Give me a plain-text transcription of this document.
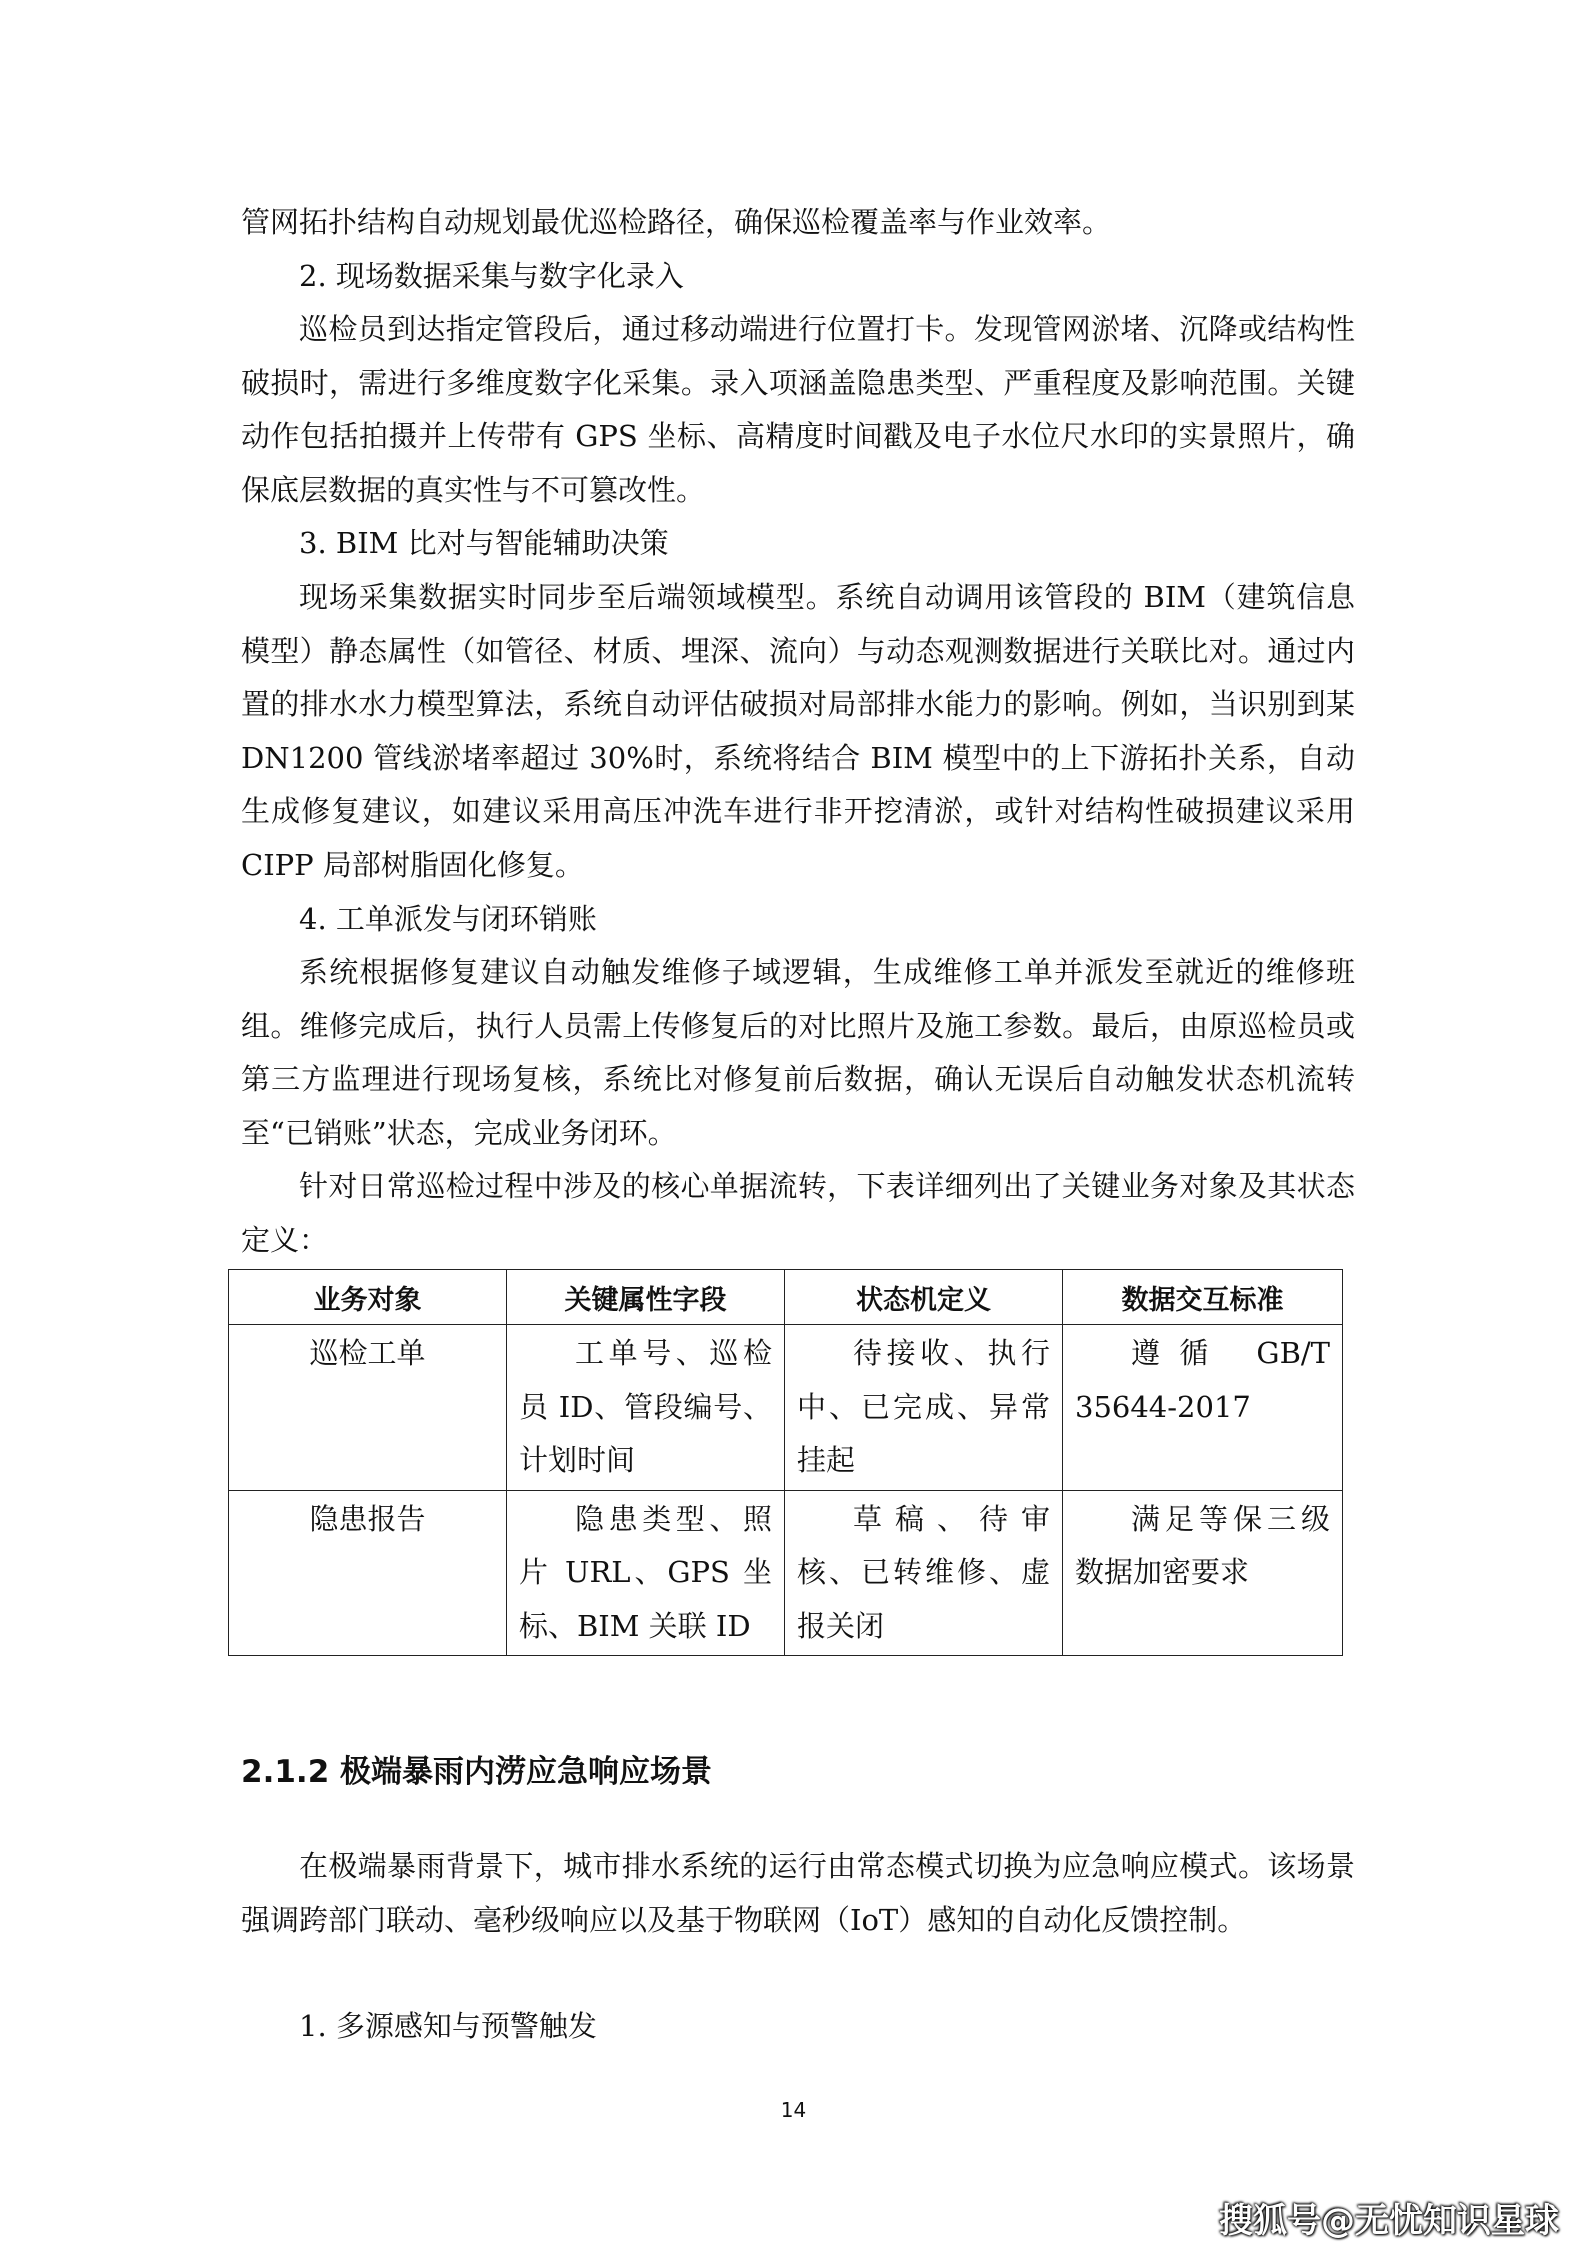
管网拓扑结构自动规划最优巡检路径，确保巡检覆盖率与作业效率。

2. 现场数据采集与数字化录入

巡检员到达指定管段后，通过移动端进行位置打卡。发现管网淤堵、沉降或结构性破损时，需进行多维度数字化采集。录入项涵盖隐患类型、严重程度及影响范围。关键动作包括拍摄并上传带有 GPS 坐标、高精度时间戳及电子水位尺水印的实景照片，确保底层数据的真实性与不可篡改性。

3. BIM 比对与智能辅助决策

现场采集数据实时同步至后端领域模型。系统自动调用该管段的 BIM（建筑信息模型）静态属性（如管径、材质、埋深、流向）与动态观测数据进行关联比对。通过内置的排水水力模型算法，系统自动评估破损对局部排水能力的影响。例如，当识别到某 DN1200 管线淤堵率超过 30%时，系统将结合 BIM 模型中的上下游拓扑关系，自动生成修复建议，如建议采用高压冲洗车进行非开挖清淤，或针对结构性破损建议采用 CIPP 局部树脂固化修复。

4. 工单派发与闭环销账

系统根据修复建议自动触发维修子域逻辑，生成维修工单并派发至就近的维修班组。维修完成后，执行人员需上传修复后的对比照片及施工参数。最后，由原巡检员或第三方监理进行现场复核，系统比对修复前后数据，确认无误后自动触发状态机流转至“已销账”状态，完成业务闭环。

针对日常巡检过程中涉及的核心单据流转，下表详细列出了关键业务对象及其状态定义：

业务对象	关键属性字段	状态机定义	数据交互标准
巡检工单	工单号、巡检员 ID、管段编号、计划时间	待接收、执行中、已完成、异常挂起	遵循 GB/T 35644-2017
隐患报告	隐患类型、照片 URL、GPS 坐标、BIM 关联 ID	草稿、待审核、已转维修、虚报关闭	满足等保三级数据加密要求
2.1.2 极端暴雨内涝应急响应场景

在极端暴雨背景下，城市排水系统的运行由常态模式切换为应急响应模式。该场景强调跨部门联动、毫秒级响应以及基于物联网（IoT）感知的自动化反馈控制。

1. 多源感知与预警触发

14
搜狐号@无忧知识星球
